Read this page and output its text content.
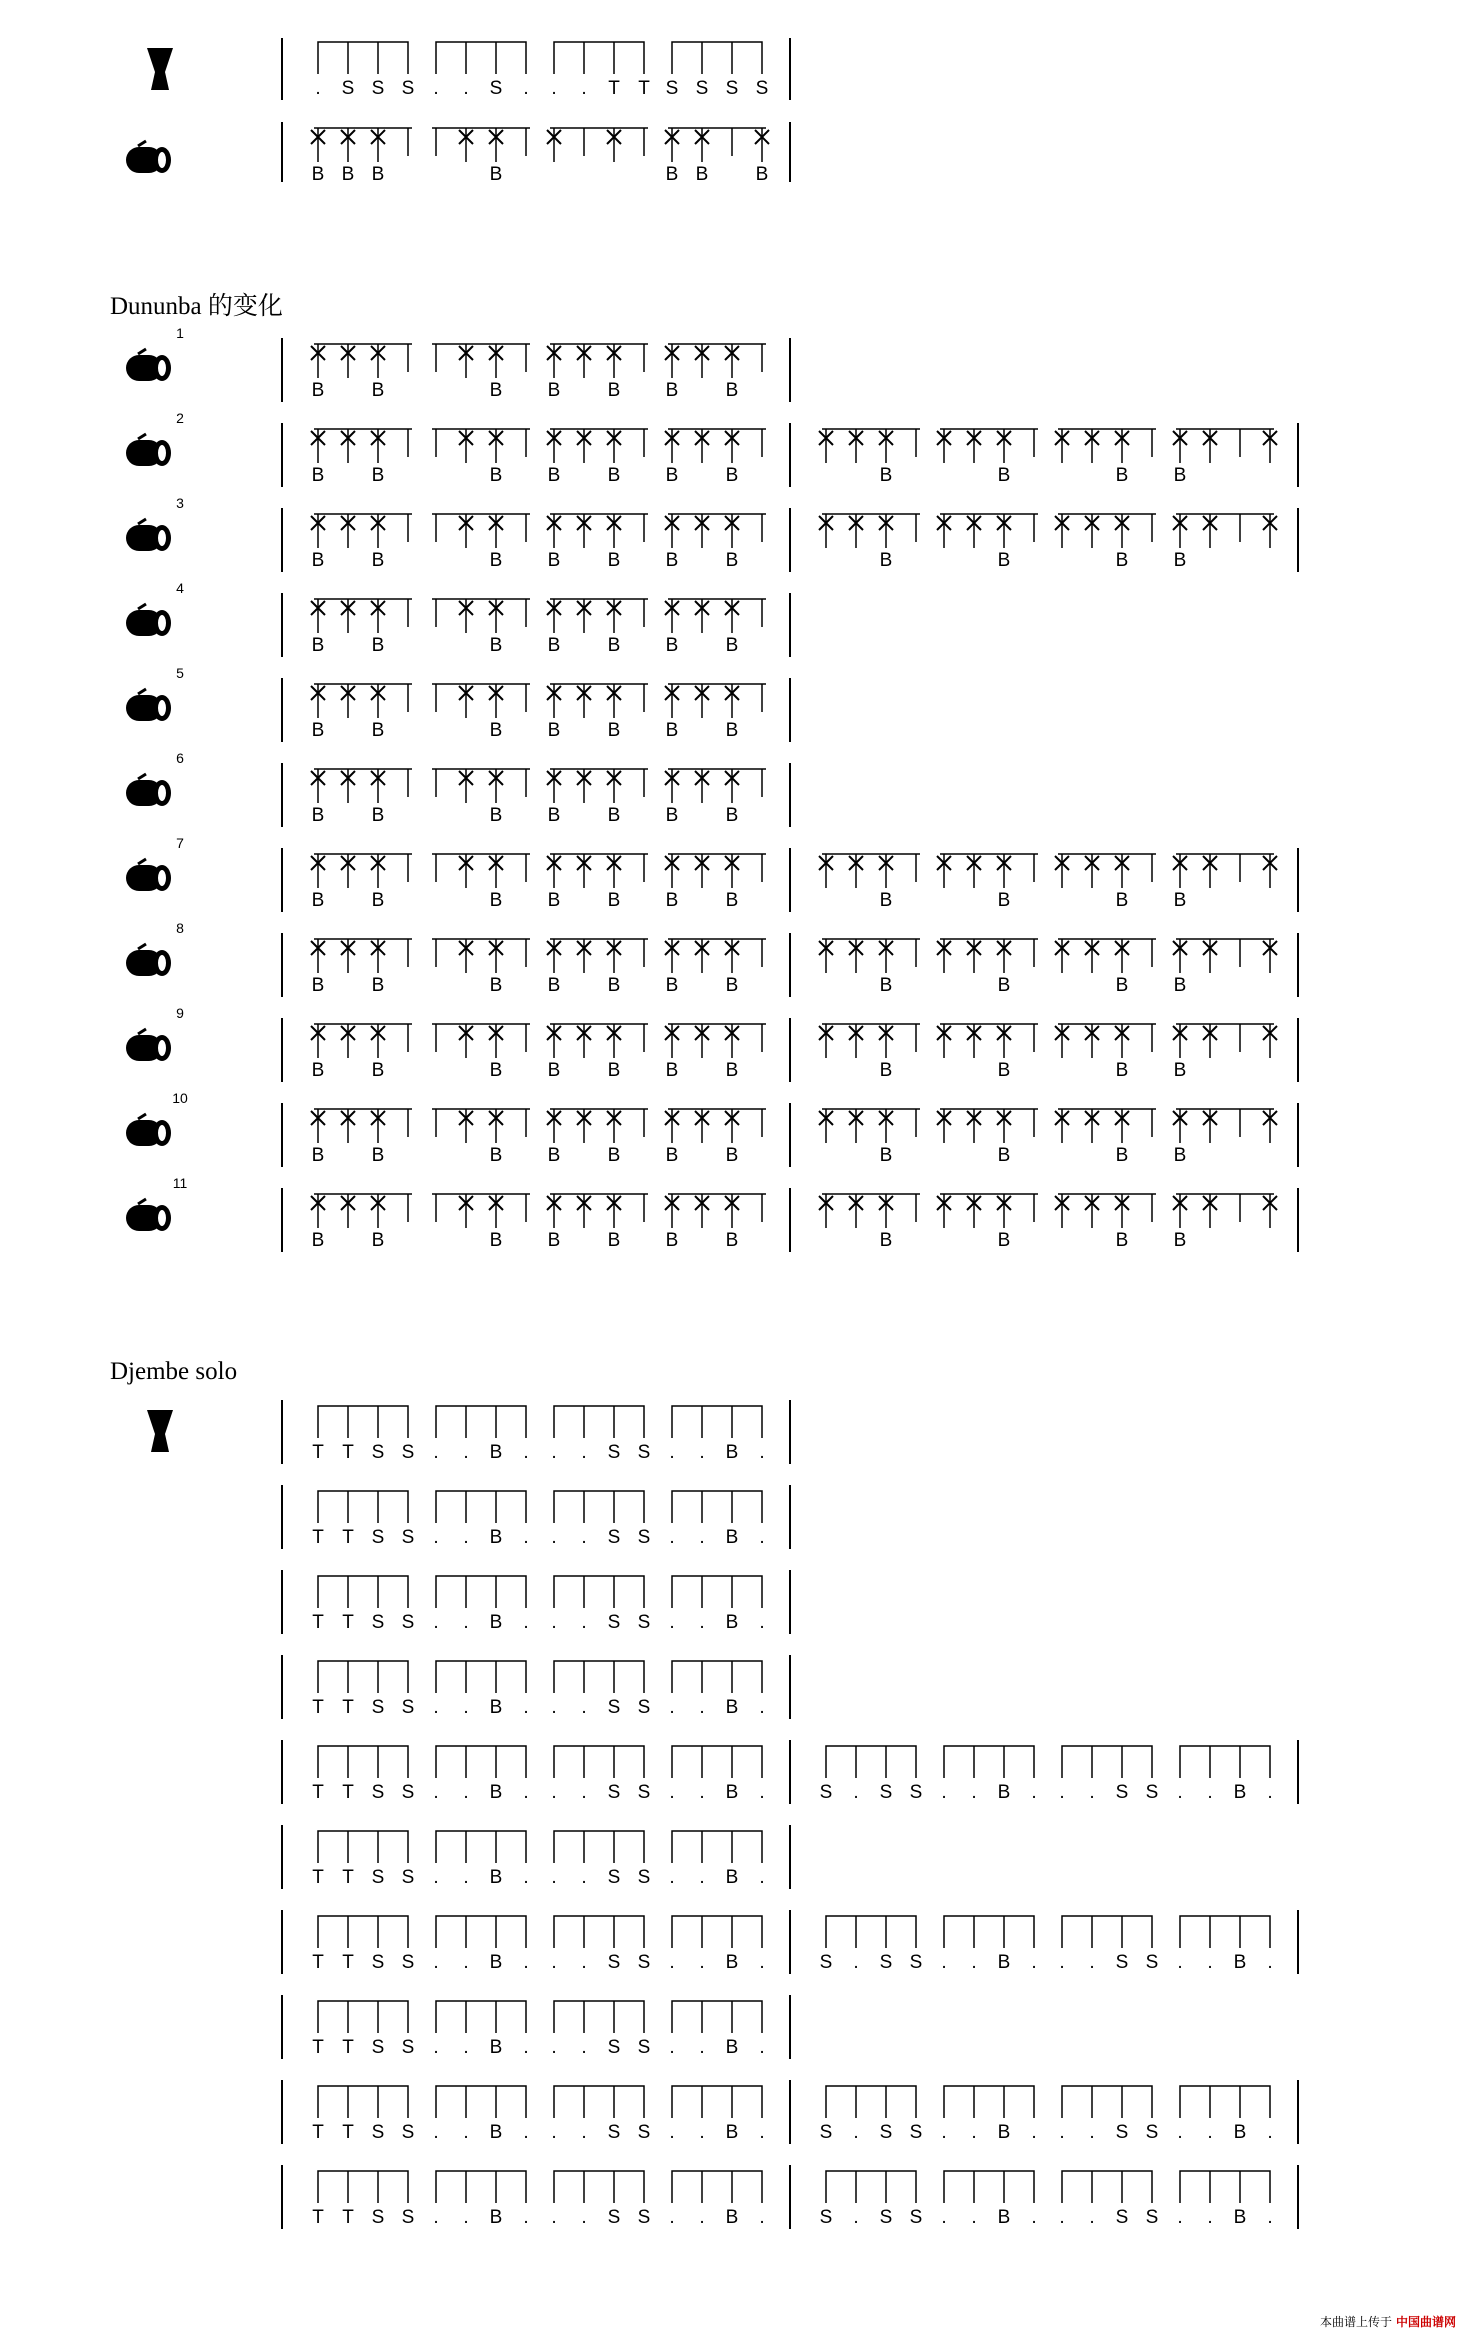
. S S S . . S . . . T T S S S S
B B B	B	B B B
1
B B	B B B B B
2
B B	B B B B B	B	B	B B
3
B B	B B B B B	B	B	B B
4
B B	B B B B B
5
B B	B B B B B
6
B B	B B B B B
7
B B	B B B B B	B	B	B B
8
B B	B B B B B	B	B	B B
9
B B	B B B B B	B	B	B B
10
B B	B B B B B	B	B	B B
11
B B	B B B B B	B	B	B B
T T S S . . B . . . S S . . B .
T T S S . . B . . . S S . . B .
T T S S . . B . . . S S . . B .
T T S S . . B . . . S S . . B .
T T S S . . B . . . S S . . B .	S . S S . . B . . . S S . . B .
T T S S . . B . . . S S . . B .
T T S S . . B . . . S S . . B .	S . S S . . B . . . S S . . B .
T T S S . . B . . . S S . . B .
T T S S . . B . . . S S . . B .	S . S S . . B . . . S S . . B .
T T S S . . B . . . S S . . B .	S . S S . . B . . . S S . . B .
Dununba 的变化
Djembe solo
本曲谱上传于 中国曲谱网
